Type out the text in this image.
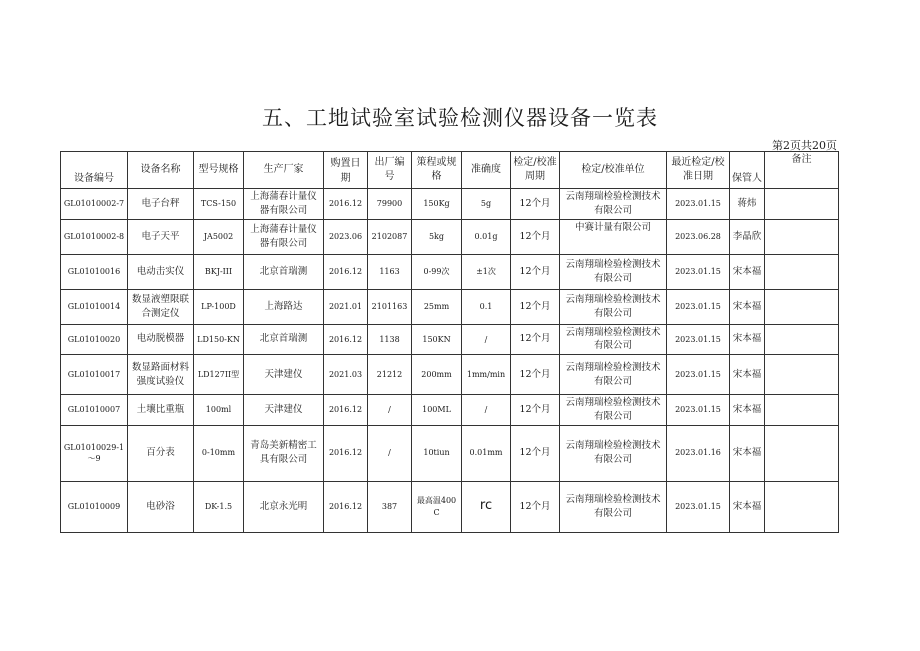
五、工地试验室试验检测仪器设备一览表
第2页共20页
设备编号	设备名称	型号规格	生产厂家	购置日期	出厂编号	策程或规格	准确度	检定/校准周期	检定/校准单位	最近检定/校准日期	保管人	备注
GL01010002-7	电子台秤	TCS-150	上海蒲春计量仪器有限公司	2016.12	79900	150Kg	5g	12个月	云南翔瑞检验检测技术有限公司	2023.01.15	蒋炜	
GL01010002-8	电子天平	JA5002	上海蒲春计量仪器有限公司	2023.06	2102087	5kg	0.01g	12个月	中赛计量有限公司	2023.06.28	李晶欣	
GL01010016	电动击实仪	BKJ-III	北京首瑞测	2016.12	1163	0-99次	±1次	12个月	云南翔瑞检验检测技术有限公司	2023.01.15	宋本福	
GL01010014	数显液塑限联合测定仪	LP-100D	上海路达	2021.01	2101163	25mm	0.1	12个月	云南翔瑞检验检测技术有限公司	2023.01.15	宋本福	
GL01010020	电动脱模器	LD150-KN	北京首瑞测	2016.12	1138	150KN	/	12个月	云南翔瑞检验检测技术有限公司	2023.01.15	宋本福	
GL01010017	数显路面材料强度试验仪	LD127II型	天津建仪	2021.03	21212	200mm	1mm/min	12个月	云南翔瑞检验检测技术有限公司	2023.01.15	宋本福	
GL01010007	土壤比重瓶	100ml	天津建仪	2016.12	/	100ML	/	12个月	云南翔瑞检验检测技术有限公司	2023.01.15	宋本福	
GL01010029-1～9	百分表	0-10mm	青岛美新精密工具有限公司	2016.12	/	10tiun	0.01mm	12个月	云南翔瑞检验检测技术有限公司	2023.01.16	宋本福	
GL01010009	电砂浴	DK-1.5	北京永光明	2016.12	387	最高温400C	rc	12个月	云南翔瑞检验检测技术有限公司	2023.01.15	宋本福	
